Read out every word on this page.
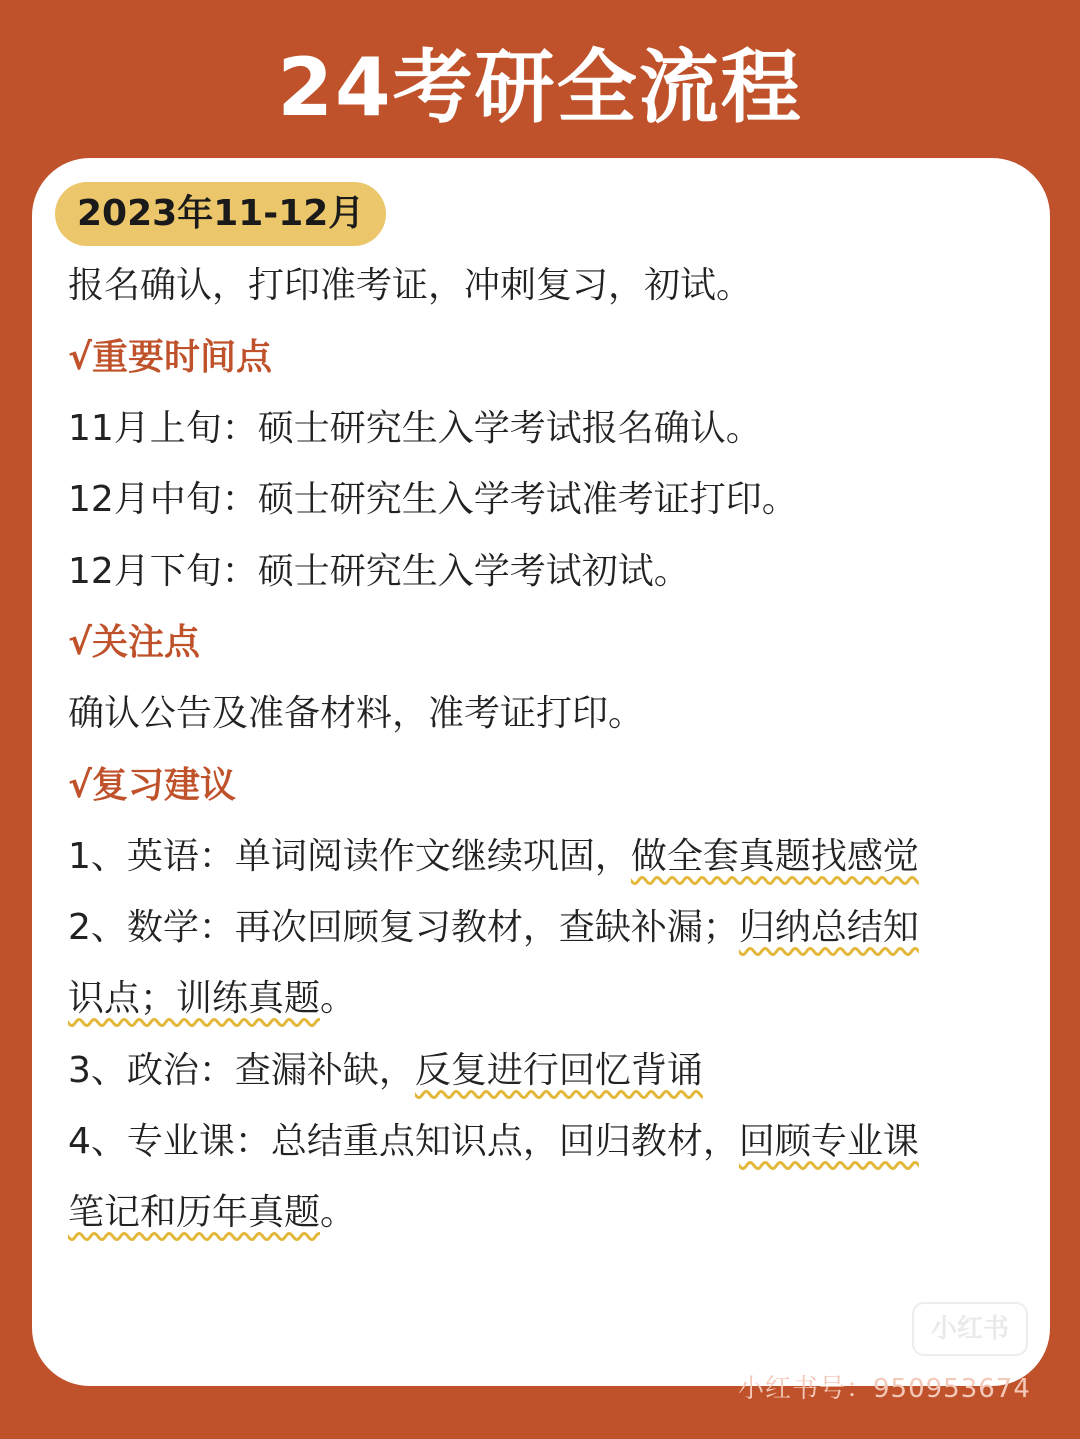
24考研全流程
2023年11-12月
报名确认，打印准考证，冲刺复习，初试。
√重要时间点
11月上旬：硕士研究生入学考试报名确认。
12月中旬：硕士研究生入学考试准考证打印。
12月下旬：硕士研究生入学考试初试。
√关注点
确认公告及准备材料，准考证打印。
√复习建议
1、英语：单词阅读作文继续巩固，做全套真题找感觉
2、数学：再次回顾复习教材，查缺补漏；归纳总结知
识点；训练真题。
3、政治：查漏补缺，反复进行回忆背诵
4、专业课：总结重点知识点，回归教材，回顾专业课
笔记和历年真题。
小红书
小红书号：950953674
